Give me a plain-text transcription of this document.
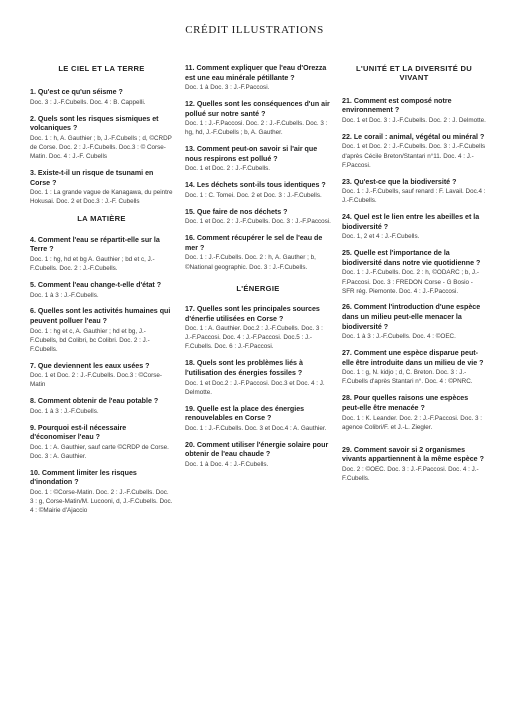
CRÉDIT ILLUSTRATIONS
LE CIEL ET LA TERRE
1. Qu'est ce qu'un séisme ?
Doc. 3 : J.-F.Cubells. Doc. 4 : B. Cappelli.
2. Quels sont les risques sismiques et volcaniques ?
Doc. 1 : h, A. Gauthier ; b, J.-F.Cubells ; d, ©CRDP de Corse. Doc. 2 : J.-F.Cubells. Doc.3 : © Corse-Matin. Doc. 4 : J.-F. Cubells
3. Existe-t-il un risque de tsunami en Corse ?
Doc. 1 : La grande vague de Kanagawa, du peintre Hokusai. Doc. 2 et Doc.3 : J.-F. Cubells
LA MATIÈRE
4. Comment l'eau se répartit-elle sur la Terre ?
Doc. 1 : hg, hd et bg A. Gauthier ; bd et c, J.-F.Cubells. Doc. 2 : J.-F.Cubells.
5. Comment l'eau change-t-elle d'état ?
Doc. 1 à 3 : J.-F.Cubells.
6. Quelles sont les activités humaines qui peuvent polluer l'eau ?
Doc. 1 : hg et c, A. Gauthier ; hd et bg, J.-F.Cubells, bd Colibri, bc Colibri. Doc. 2 : J.-F.Cubells.
7. Que deviennent les eaux usées ?
Doc. 1 et Doc. 2 : J.-F.Cubells. Doc.3 : ©Corse-Matin
8. Comment obtenir de l'eau potable ?
Doc. 1 à 3 : J.-F.Cubells.
9. Pourquoi est-il nécessaire d'économiser l'eau ?
Doc. 1 : A. Gauthier, sauf carte ©CRDP de Corse. Doc. 3 : A. Gauthier.
10. Comment limiter les risques d'inondation ?
Doc. 1 : ©Corse-Matin. Doc. 2 : J.-F.Cubells. Doc. 3 : g, Corse-Matin/M. Lucooni, d, J.-F.Cubells. Doc. 4 : ©Mairie d'Ajaccio
11. Comment expliquer que l'eau d'Orezza est une eau minérale pétillante ?
Doc. 1 à Doc. 3 : J.-F.Paccosi.
12. Quelles sont les conséquences d'un air pollué sur notre santé ?
Doc. 1 : J.-F.Paccosi. Doc. 2 : J.-F.Cubells. Doc. 3 : hg, hd, J.-F.Cubells ; b, A. Gauther.
13. Comment peut-on savoir si l'air que nous respirons est pollué ?
Doc. 1 et Doc. 2 : J.-F.Cubells.
14. Les déchets sont-ils tous identiques ?
Doc. 1 : C. Tomei. Doc. 2 et Doc. 3 : J.-F.Cubells.
15. Que faire de nos déchets ?
Doc. 1 et Doc. 2 : J.-F.Cubells. Doc. 3 : J.-F.Paccosi.
16. Comment récupérer le sel de l'eau de mer ?
Doc. 1 : J.-F.Cubells. Doc. 2 : h, A. Gauther ; b, ©National geographic. Doc. 3 : J.-F.Cubells.
L'ÉNERGIE
17. Quelles sont les principales sources d'énerfie utilisées en Corse ?
Doc. 1 : A. Gauthier. Doc.2 : J.-F.Cubells. Doc. 3 : J.-F.Paccosi. Doc. 4 : J.-F.Paccosi. Doc.5 : J.-F.Cubells. Doc. 6 : J.-F.Paccosi.
18. Quels sont les problèmes liés à l'utilisation des énergies fossiles ?
Doc. 1 et Doc.2 : J.-F.Paccosi. Doc.3 et Doc. 4 : J. Delmotte.
19. Quelle est la place des énergies renouvelables en Corse ?
Doc. 1 : J.-F.Cubells. Doc. 3 et Doc.4 : A. Gauthier.
20. Comment utiliser l'énergie solaire pour obtenir de l'eau chaude ?
Doc. 1 à Doc. 4 : J.-F.Cubells.
L'UNITÉ ET LA DIVERSITÉ DU VIVANT
21. Comment est composé notre environnement ?
Doc. 1 et Doc. 3 : J.-F.Cubells. Doc. 2 : J. Delmotte.
22. Le corail : animal, végétal ou minéral ?
Doc. 1 et Doc. 2 : J.-F.Cubells. Doc. 3 : J.-F.Cubells d'après Cécile Breton/Stantari n°11. Doc. 4 : J.-F.Paccosi.
23. Qu'est-ce que la biodiversité ?
Doc. 1 : J.-F.Cubells, sauf renard : F. Lavail. Doc.4 : J.-F.Cubells.
24. Quel est le lien entre les abeilles et la biodiversité ?
Doc. 1, 2 et 4 : J.-F.Cubells.
25. Quelle est l'importance de la biodiversité dans notre vie quotidienne ?
Doc. 1 : J.-F.Cubells. Doc. 2 : h, ©ODARC ; b, J.-F.Paccosi. Doc. 3 : FREDON Corse - G Bosio - SFR rég. Piemonte. Doc. 4 : J.-F.Paccosi.
26. Comment l'introduction d'une espèce dans un milieu peut-elle menacer la biodiversité ?
Doc. 1 à 3 : J.-F.Cubells. Doc. 4 : ©OEC.
27. Comment une espèce disparue peut-elle être introduite dans un milieu de vie ?
Doc. 1 : g, N. kidjo ; d, C. Breton. Doc. 3 : J.-F.Cubells d'après Stantari n°. Doc. 4 : ©PNRC.
28. Pour quelles raisons une espèces peut-elle être menacée ?
Doc. 1 : K. Leander. Doc. 2 : J.-F.Paccosi. Doc. 3 : agence Colibri/F. et J.-L. Ziegler.
29. Comment savoir si 2 organismes vivants appartiennent à la même espèce ?
Doc. 2 : ©OEC. Doc. 3 : J.-F.Paccosi. Doc. 4 : J.-F.Cubells.
